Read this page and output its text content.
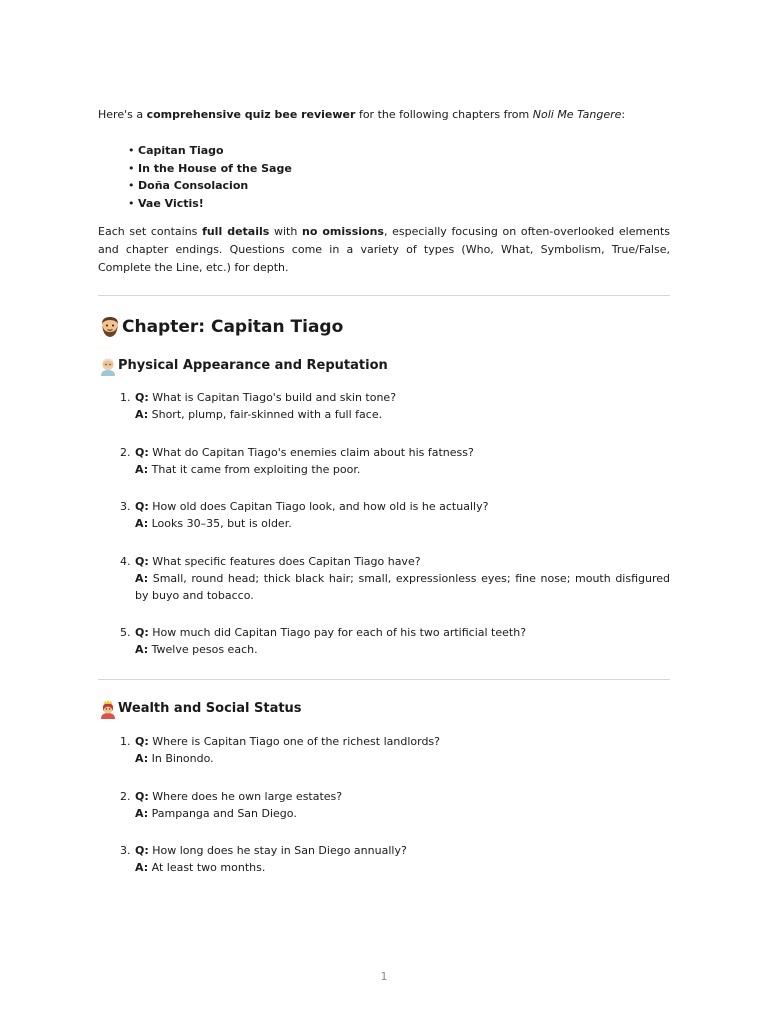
Here's a comprehensive quiz bee reviewer for the following chapters from Noli Me Tangere:

• Capitan Tiago
• In the House of the Sage
• Doña Consolacion
• Vae Victis!

Each set contains full details with no omissions, especially focusing on often-overlooked elements and chapter endings. Questions come in a variety of types (Who, What, Symbolism, True/False, Complete the Line, etc.) for depth.

Chapter: Capitan Tiago
Physical Appearance and Reputation
1. Q: What is Capitan Tiago's build and skin tone?
A: Short, plump, fair-skinned with a full face.
2. Q: What do Capitan Tiago's enemies claim about his fatness?
A: That it came from exploiting the poor.
3. Q: How old does Capitan Tiago look, and how old is he actually?
A: Looks 30–35, but is older.
4. Q: What specific features does Capitan Tiago have?
A: Small, round head; thick black hair; small, expressionless eyes; fine nose; mouth disfigured by buyo and tobacco.
5. Q: How much did Capitan Tiago pay for each of his two artificial teeth?
A: Twelve pesos each.
Wealth and Social Status
1. Q: Where is Capitan Tiago one of the richest landlords?
A: In Binondo.
2. Q: Where does he own large estates?
A: Pampanga and San Diego.
3. Q: How long does he stay in San Diego annually?
A: At least two months.
1
